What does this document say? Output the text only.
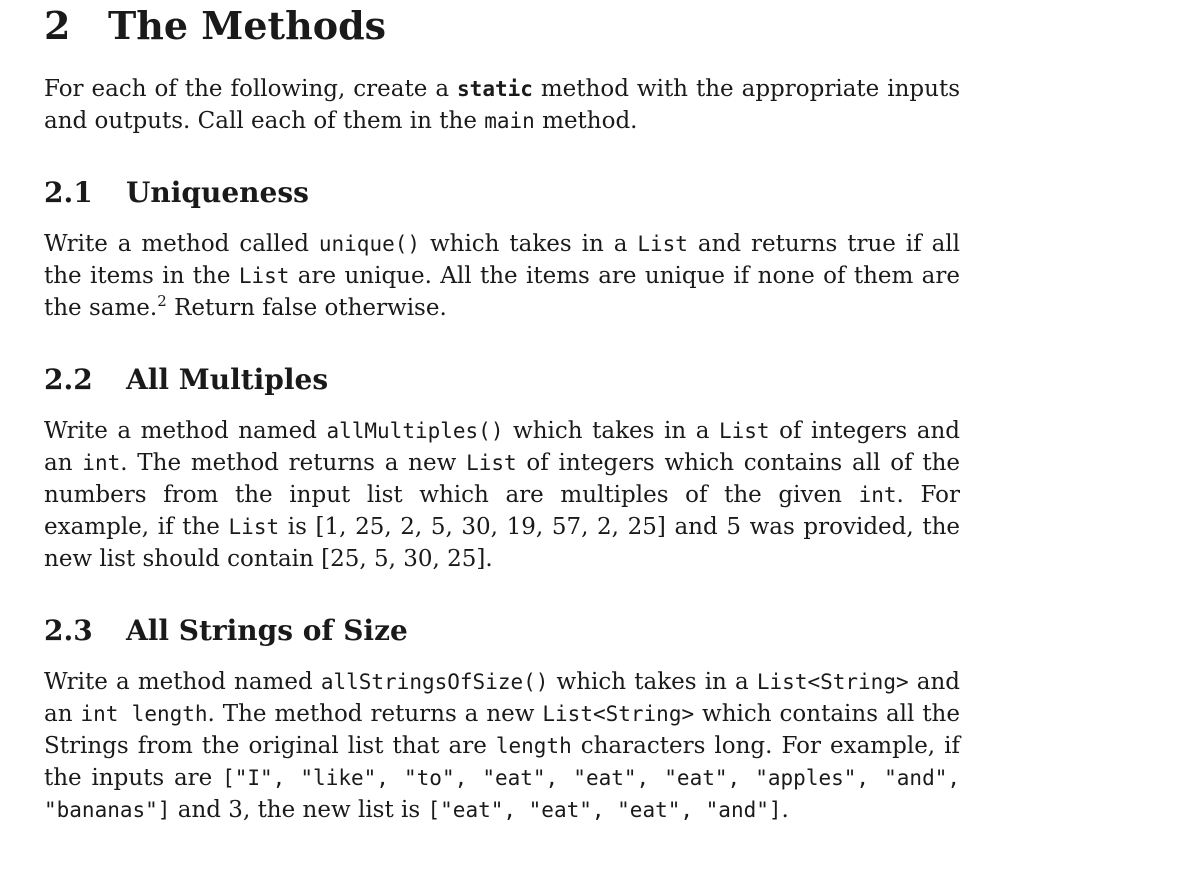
2 The Methods

For each of the following, create a static method with the appropriate inputs and outputs. Call each of them in the main method.

2.1 Uniqueness

Write a method called unique() which takes in a List and returns true if all the items in the List are unique. All the items are unique if none of them are the same.$^2$ Return false otherwise.

2.2 All Multiples

Write a method named allMultiples() which takes in a List of integers and an int. The method returns a new List of integers which contains all of the numbers from the input list which are multiples of the given int. For example, if the List is [1, 25, 2, 5, 30, 19, 57, 2, 25] and 5 was provided, the new list should contain [25, 5, 30, 25].

2.3 All Strings of Size

Write a method named allStringsOfSize() which takes in a List<String> and an int length. The method returns a new List<String> which contains all the Strings from the original list that are length characters long. For example, if the inputs are ["I", "like", "to", "eat", "eat", "eat", "apples", "and", "bananas"] and 3, the new list is ["eat", "eat", "eat", "and"].
